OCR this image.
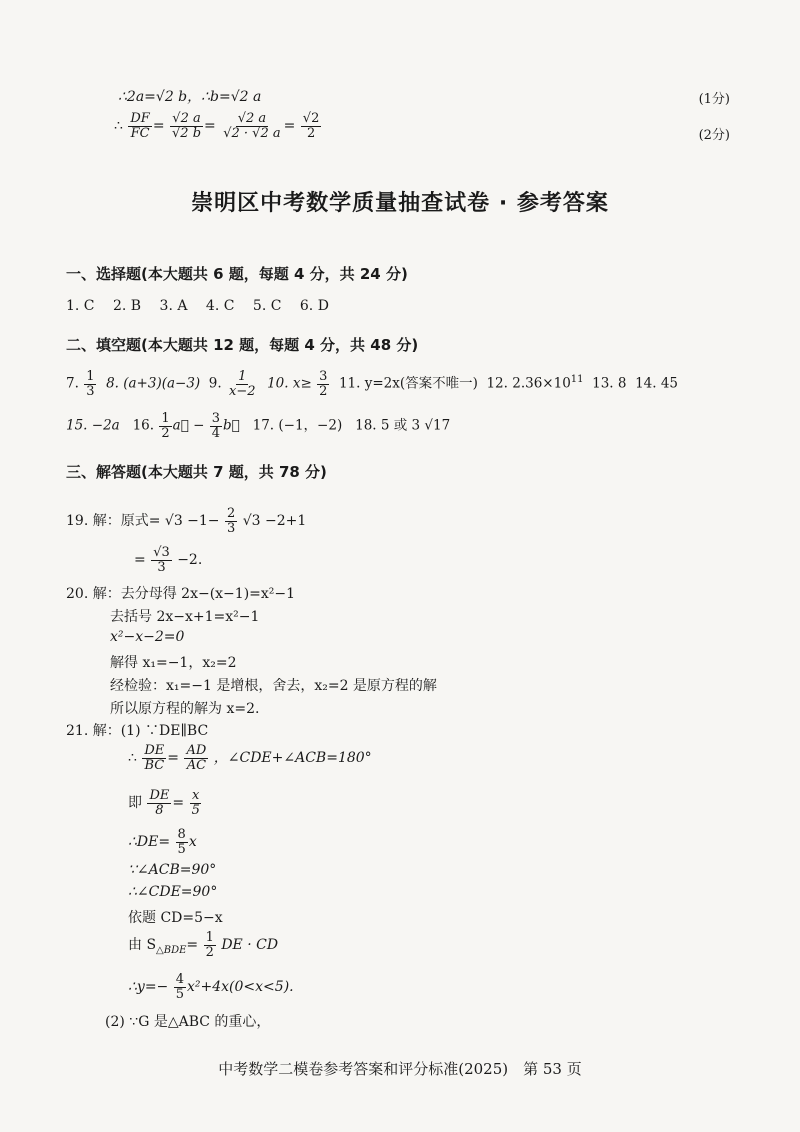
∴2a=√2 b，∴b=√2 a	(1分)
∴ $\frac{DF}{FC} = \frac{√2 a}{√2 b} = \frac{√2 a}{√2 \cdot √2 a} = \frac{√2}{2}$	(2分)
崇明区中考数学质量抽查试卷 · 参考答案
一、选择题(本大题共 6 题，每题 4 分，共 24 分)
1. C 2. B 3. A 4. C 5. C 6. D
二、填空题(本大题共 12 题，每题 4 分，共 48 分)
7. $\frac{1}{3} 8$. (a+3)(a−3) 9. $\frac{1}{x-2} 10$. $x\ge \frac{3}{2} 11$. y=2x(答案不唯一) 12. $2.36\times 10^{11}$ 13. 8 14. 45
15. −2a 16. $\frac{1}{2}$ a⃗ − $\frac{3}{4}$ b⃗ 17. (−1，−2) 18. 5 或 3 √17
三、解答题(本大题共 7 题，共 78 分)
19. 解：原式= $√3 -1- \frac{2}{3} √3 -2+1$
= $\frac{√3}{3} -2$.
20. 解：去分母得 2x−(x−1)=x²−1
去括号 2x−x+1=x²−1
x²−x−2=0
解得 x₁=−1，x₂=2
经检验：x₁=−1 是增根，舍去，x₂=2 是原方程的解
所以原方程的解为 x=2.
21. 解：(1) ∵DE∥BC
∴ $\frac{DE}{BC} = \frac{AD}{AC}$ ，∠CDE+∠ACB=180°
即 $\frac{DE}{8} = \frac{x}{5}$
∴DE= $\frac{8}{5}$ x
∵∠ACB=90°
∴∠CDE=90°
依题 CD=5−x
由 $S_{\triangle BDE}= \frac{1}{2}$ DE · CD
∴y=− $\frac{4}{5} x^2+4x(0<x<5)$.
(2) ∵G 是△ABC 的重心，
中考数学二模卷参考答案和评分标准(2025)　第 53 页
